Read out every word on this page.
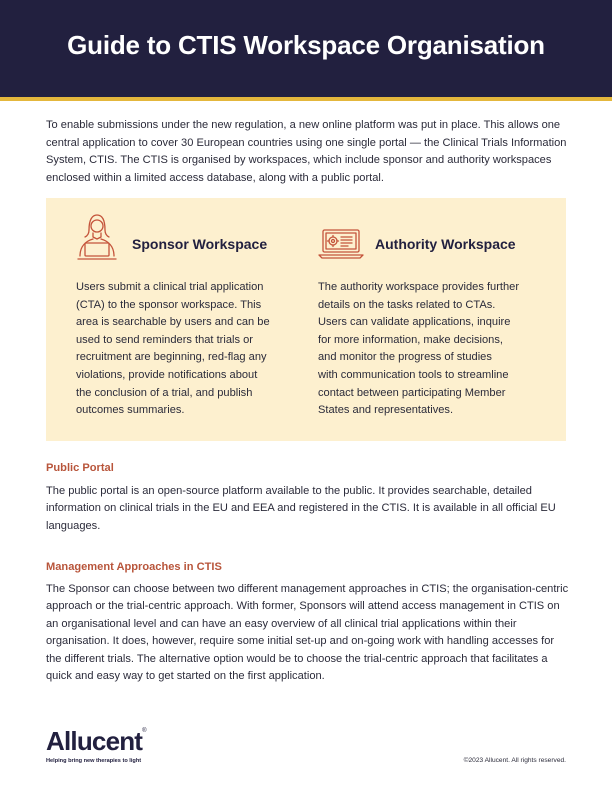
Guide to CTIS Workspace Organisation

To enable submissions under the new regulation, a new online platform was put in place. This allows one central application to cover 30 European countries using one single portal — the Clinical Trials Information System, CTIS. The CTIS is organised by workspaces, which include sponsor and authority workspaces enclosed within a limited access database, along with a public portal.

Sponsor Workspace
Users submit a clinical trial application
(CTA) to the sponsor workspace. This
area is searchable by users and can be
used to send reminders that trials or
recruitment are beginning, red-flag any
violations, provide notifications about
the conclusion of a trial, and publish
outcomes summaries.
Authority Workspace
The authority workspace provides further
details on the tasks related to CTAs.
Users can validate applications, inquire
for more information, make decisions,
and monitor the progress of studies
with communication tools to streamline
contact between participating Member
States and representatives.
Public Portal

The public portal is an open-source platform available to the public. It provides searchable, detailed information on clinical trials in the EU and EEA and registered in the CTIS. It is available in all official EU languages.

Management Approaches in CTIS

The Sponsor can choose between two different management approaches in CTIS; the organisation-centric approach or the trial-centric approach. With former, Sponsors will attend access management in CTIS on an organisational level and can have an easy overview of all clinical trial applications within their organisation. It does, however, require some initial set-up and on-going work with handling accesses for the different trials. The alternative option would be to choose the trial-centric approach that facilitates a quick and easy way to get started on the first application.

Allucent®
Helping bring new therapies to light	©2023 Allucent. All rights reserved.
